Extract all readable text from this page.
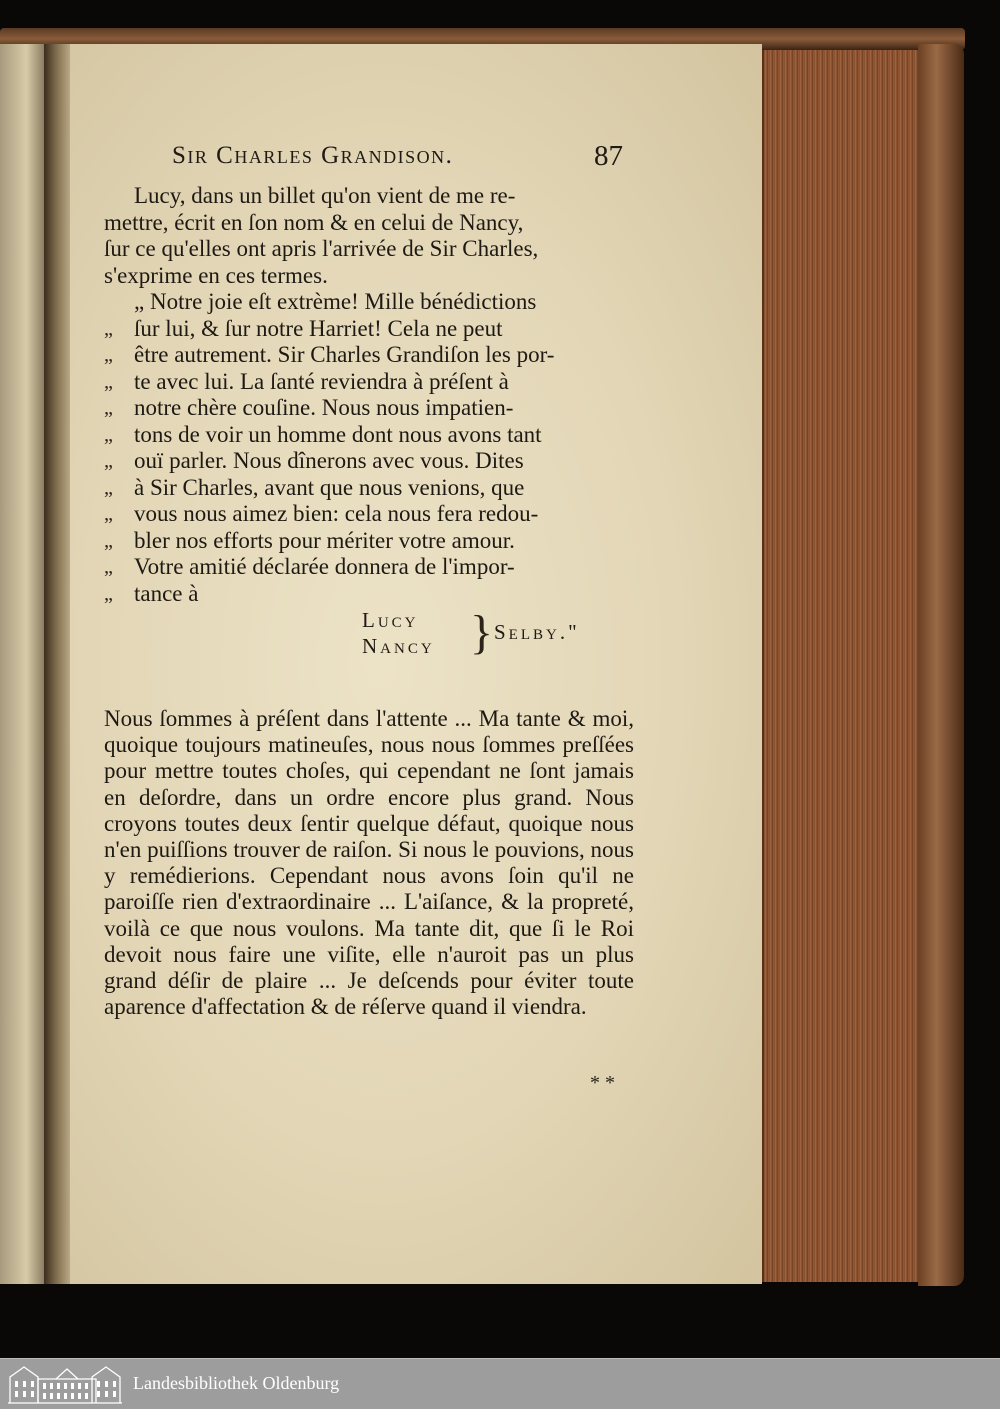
Sir Charles Grandison.	87

Lucy, dans un billet qu'on vient de me re-

mettre, écrit en ſon nom & en celui de Nancy,

ſur ce qu'elles ont apris l'arrivée de Sir Charles,

s'exprime en ces termes.

„ Notre joie eſt extrème! Mille bénédictions

„ ſur lui, & ſur notre Harriet! Cela ne peut

„ être autrement. Sir Charles Grandiſon les por-

„ te avec lui. La ſanté reviendra à préſent à

„ notre chère couſine. Nous nous impatien-

„ tons de voir un homme dont nous avons tant

„ ouï parler. Nous dînerons avec vous. Dites

„ à Sir Charles, avant que nous venions, que

„ vous nous aimez bien: cela nous fera redou-

„ bler nos efforts pour mériter votre amour.

„ Votre amitié déclarée donnera de l'impor-

„ tance à

Lucy
Nancy }
Selby."

Nous ſommes à préſent dans l'attente ... Ma tante & moi, quoique toujours matineuſes, nous nous ſommes preſſées pour mettre toutes choſes, qui cependant ne ſont jamais en deſordre, dans un ordre encore plus grand. Nous croyons toutes deux ſentir quelque défaut, quoique nous n'en puiſſions trouver de raiſon. Si nous le pouvions, nous y remédierions. Cependant nous avons ſoin qu'il ne paroiſſe rien d'extraordinaire ... L'aiſance, & la propreté, voilà ce que nous voulons. Ma tante dit, que ſi le Roi devoit nous faire une viſite, elle n'auroit pas un plus grand déſir de plaire ... Je deſcends pour éviter toute aparence d'affectation & de réſerve quand il viendra.

* *
Landesbibliothek Oldenburg
